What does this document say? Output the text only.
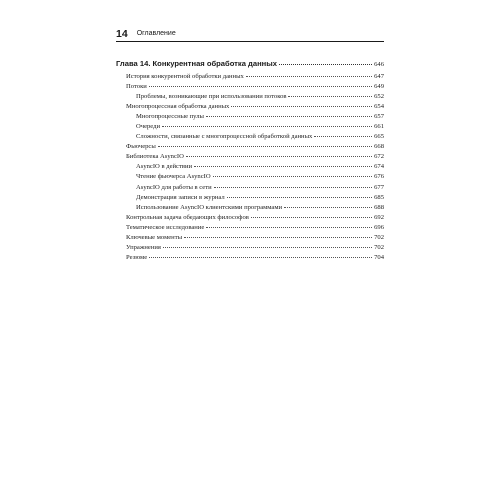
14 Оглавление
Глава 14. Конкурентная обработка данных	646
История конкурентной обработки данных	647
Потоки	649
Проблемы, возникающие при использовании потоков	652
Многопроцессная обработка данных	654
Многопроцессные пулы	657
Очереди	661
Сложности, связанные с многопроцессной обработкой данных	665
Фьючерсы	668
Библиотека AsyncIO	672
AsyncIO в действии	674
Чтение фьючерса AsyncIO	676
AsyncIO для работы в сети	677
Демонстрация записи в журнал	685
Использование AsyncIO клиентскими программами	688
Контрольная задача обедающих философов	692
Тематическое исследование	696
Ключевые моменты	702
Упражнения	702
Резюме	704
